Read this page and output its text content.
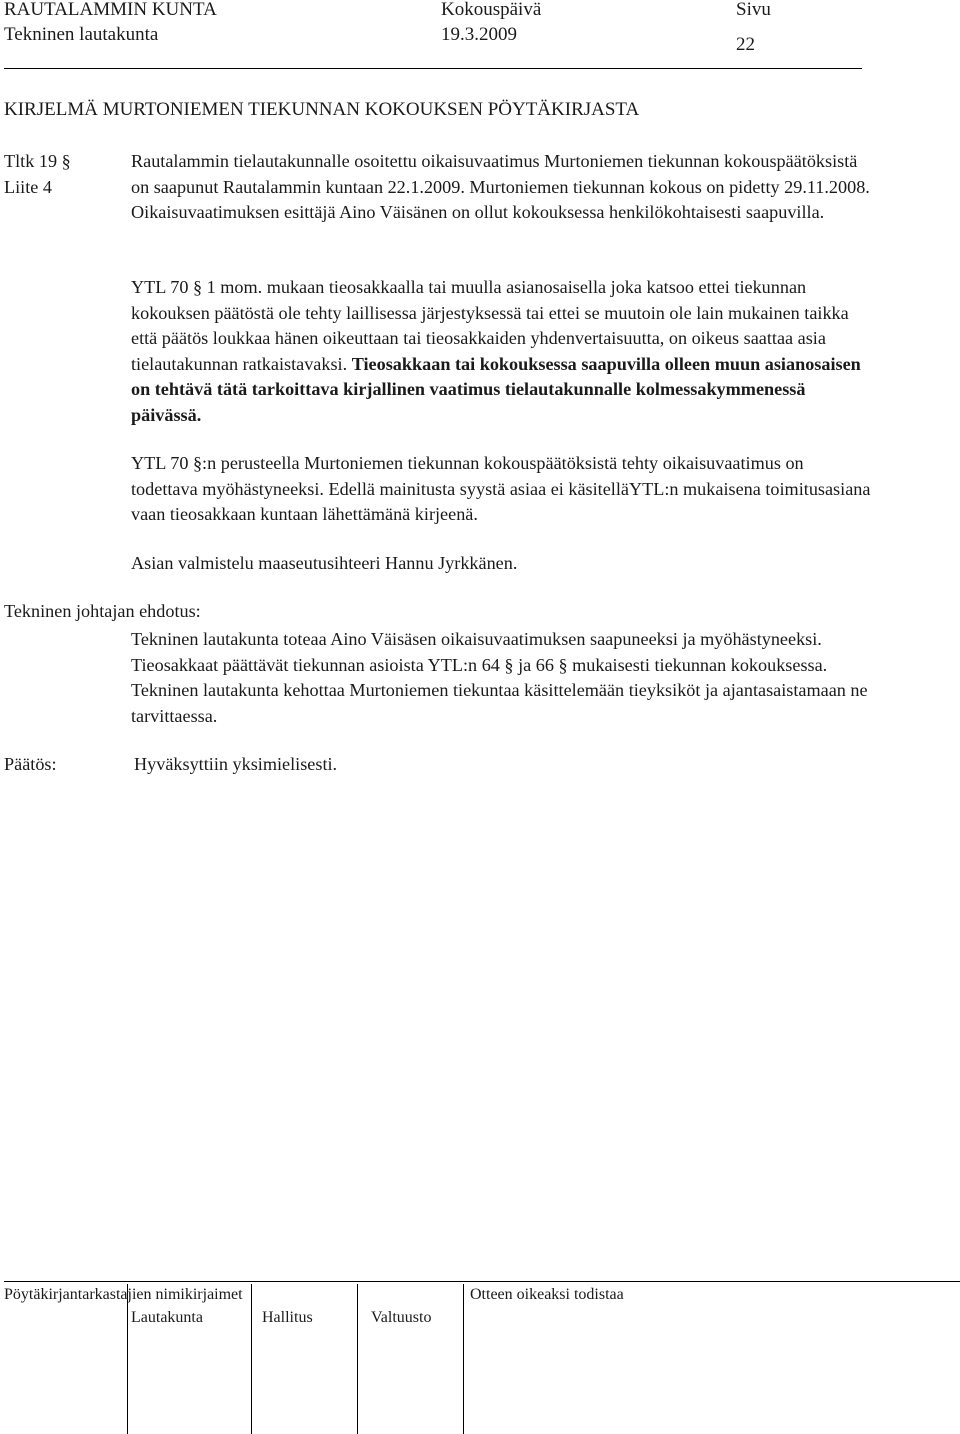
RAUTALAMMIN KUNTA	Kokouspäivä	Sivu
Tekninen lautakunta	19.3.2009	22
KIRJELMÄ MURTONIEMEN TIEKUNNAN KOKOUKSEN PÖYTÄKIRJASTA
Tltk 19 §
Liite 4
Rautalammin tielautakunnalle osoitettu oikaisuvaatimus Murtoniemen tiekunnan kokouspäätöksistä on saapunut Rautalammin kuntaan 22.1.2009. Murtoniemen tiekunnan kokous on pidetty 29.11.2008. Oikaisuvaatimuksen esittäjä Aino Väisänen on ollut kokouksessa henkilökohtaisesti saapuvilla.
YTL 70 § 1 mom. mukaan tieosakkaalla tai muulla asianosaisella joka katsoo ettei tiekunnan kokouksen päätöstä ole tehty laillisessa järjestyksessä tai ettei se muutoin ole lain mukainen taikka että päätös loukkaa hänen oikeuttaan tai tieosakkaiden yhdenvertaisuutta, on oikeus saattaa asia tielautakunnan ratkaistavaksi. Tieosakkaan tai kokouksessa saapuvilla olleen muun asianosaisen on tehtävä tätä tarkoittava kirjallinen vaatimus tielautakunnalle kolmessakymmenessä päivässä.
YTL 70 §:n perusteella Murtoniemen tiekunnan kokouspäätöksistä tehty oikaisuvaatimus on todettava myöhästyneeksi. Edellä mainitusta syystä asiaa ei käsitelläYTL:n mukaisena toimitusasiana vaan tieosakkaan kuntaan lähettämänä kirjeenä.
Asian valmistelu maaseutusihteeri Hannu Jyrkkänen.
Tekninen johtajan ehdotus:
Tekninen lautakunta toteaa Aino Väisäsen oikaisuvaatimuksen saapuneeksi ja myöhästyneeksi. Tieosakkaat päättävät tiekunnan asioista YTL:n 64 § ja 66 § mukaisesti tiekunnan kokouksessa. Tekninen lautakunta kehottaa Murtoniemen tiekuntaa käsittelemään tieyksiköt ja ajantasaistamaan ne tarvittaessa.
Päätös:	Hyväksyttiin yksimielisesti.
Pöytäkirjantarkastajien nimikirjaimet	Otteen oikeaksi todistaa
Lautakunta	Hallitus	Valtuusto
